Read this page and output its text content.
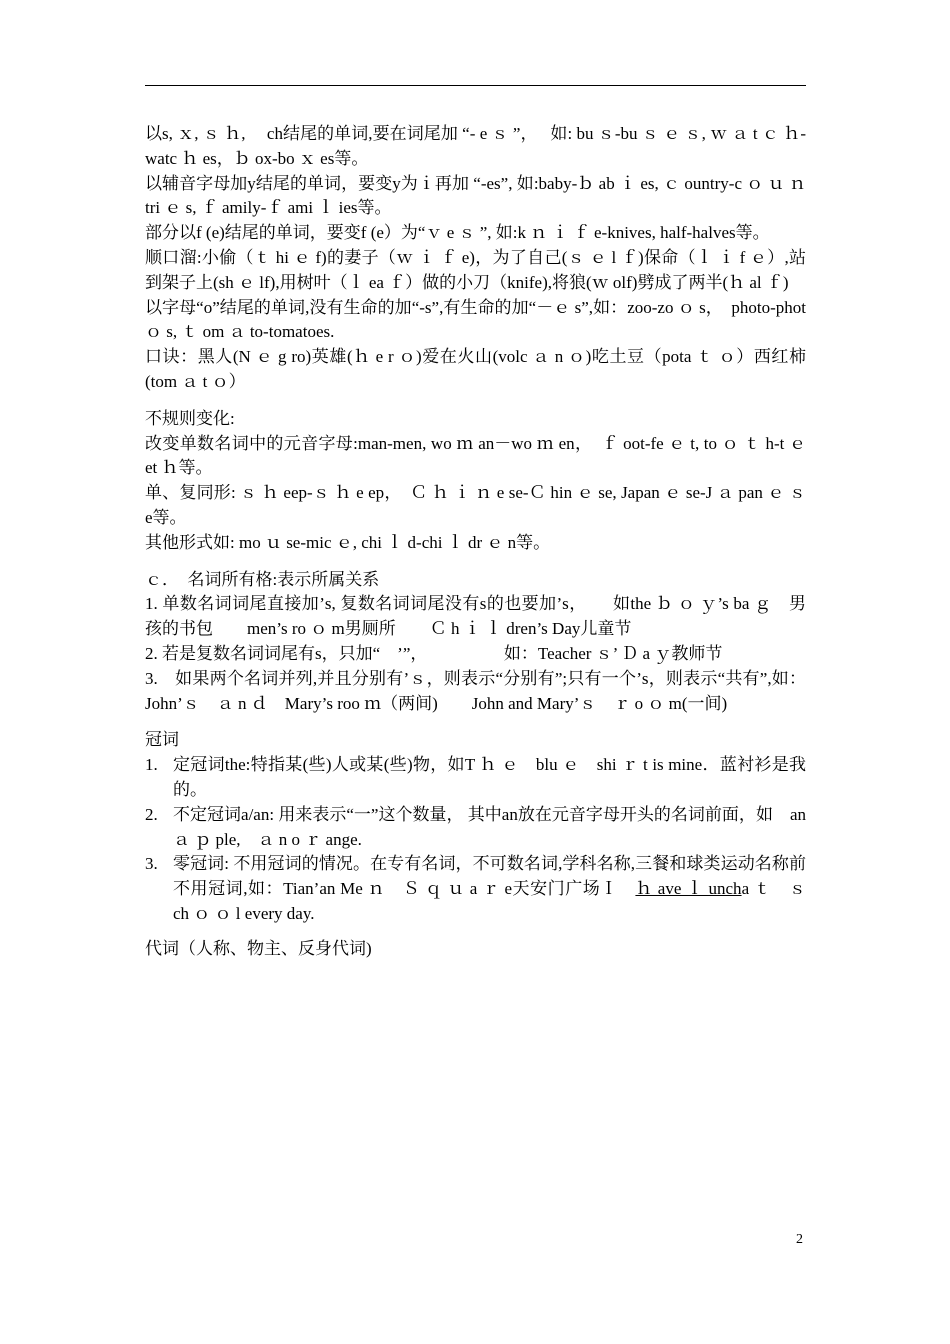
以s, ｘ, ｓ ｈ,　 ch结尾的单词,要在词尾加 “- e ｓ ”，　 如: bu ｓ-bu ｓ ｅ ｓ, ｗ ａ t ｃ ｈ-watc ｈ es，ｂ ox-bo ｘ es等。

以辅音字母加y结尾的单词，要变y为ｉ再加 “-es”, 如:baby-ｂ ab ｉ es, ｃ ountry-c ｏ ｕ ｎ tri ｅ s, ｆ amily-ｆ ami ｌ ies等。

部分以f (e)结尾的单词，要变f (e）为“ｖ e ｓ ”, 如:k ｎ ｉ ｆ e-knives, half-halves等。

顺口溜:小偷（ｔ hi ｅ f)的妻子（ｗ ｉ ｆ e)，为了自己(ｓ ｅ l ｆ)保命（ｌ ｉ f ｅ）,站到架子上(sh ｅ lf),用树叶（ｌ ea ｆ）做的小刀（knife),将狼(ｗ olf)劈成了两半(ｈ al ｆ)

以字母“o”结尾的单词,没有生命的加“-s”,有生命的加“－ｅ s”,如：zoo-zo ｏ s，　photo-phot ｏ s, ｔ om ａ to-tomatoes.

口诀：黑人(N ｅ g ro)英雄(ｈ e r ｏ)爱在火山(volc ａ n ｏ)吃土豆（pota ｔ ｏ）西红柿(tom ａ t ｏ）

不规则变化:

改变单数名词中的元音字母:man-men, wo ｍ an－wo ｍ en，　ｆ oot-fe ｅ t, to ｏ ｔ h-t ｅ et ｈ等。

单、复同形: ｓ ｈ eep-ｓ ｈ e ep，　Ｃ ｈ ｉ ｎ e se-Ｃ hin ｅ se, Japan ｅ se-J ａ pan ｅ ｓ e等。

其他形式如: mo ｕ se-mic ｅ, chi ｌ d-chi ｌ dr ｅ n等。

ｃ．　名词所有格:表示所属关系

1. 单数名词词尾直接加’s, 复数名词词尾没有s的也要加’s，　　如the ｂ ｏ ｙ’s ba ｇ　男孩的书包　　men’s ro ｏ m男厕所　　Ｃ h ｉ ｌ dren’s Day儿童节

2. 若是复数名词词尾有s，只加“　’”，　　　　　如：Teacher ｓ’ Ｄ a ｙ教师节

3.　如果两个名词并列,并且分别有’ｓ，则表示“分别有”;只有一个’s，则表示“共有”,如：John’ｓ　ａ n ｄ　Mary’s roo ｍ（两间)　　John and Mary’ｓ　ｒ o ｏ m(一间)

冠词

1. 定冠词the:特指某(些)人或某(些)物，如T ｈ ｅ　blu ｅ　shi ｒ t is mine．蓝衬衫是我的。
2. 不定冠词a/an: 用来表示“一”这个数量， 其中an放在元音字母开头的名词前面，如　an ａ ｐ ple,　ａ n o ｒ ange.
3. 零冠词: 不用冠词的情况。在专有名词，不可数名词,学科名称,三餐和球类运动名称前不用冠词,如：Tian’an Me ｎ　Ｓ ｑ ｕ a ｒ e天安门广场Ｉ　ｈ ave ｌ uncha ｔ　ｓ ch ｏ ｏ l every day.

代词（人称、物主、反身代词)

2
